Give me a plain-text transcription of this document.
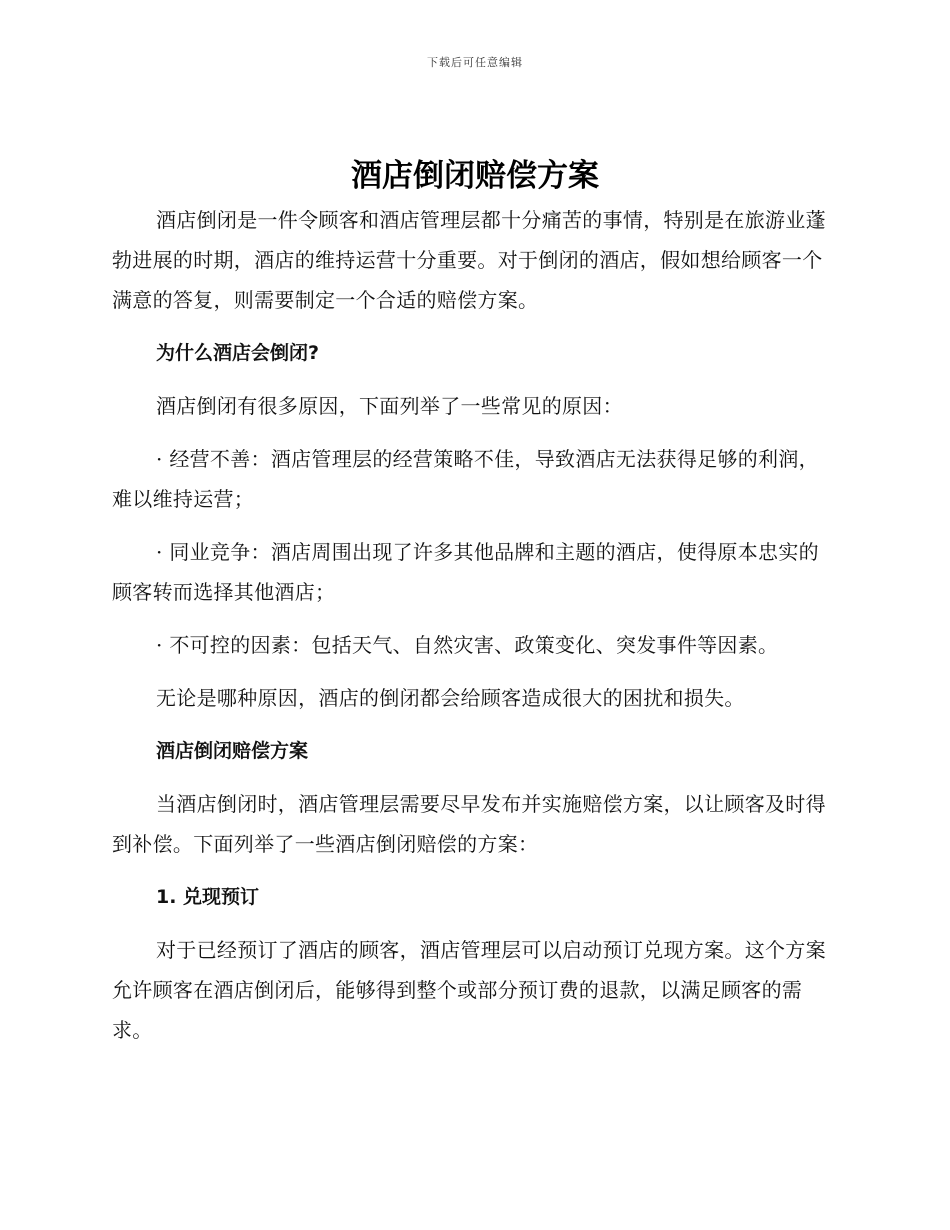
下载后可任意编辑
酒店倒闭赔偿方案

酒店倒闭是一件令顾客和酒店管理层都十分痛苦的事情，特别是在旅游业蓬勃进展的时期，酒店的维持运营十分重要。对于倒闭的酒店，假如想给顾客一个满意的答复，则需要制定一个合适的赔偿方案。

为什么酒店会倒闭?

酒店倒闭有很多原因，下面列举了一些常见的原因：

· 经营不善：酒店管理层的经营策略不佳，导致酒店无法获得足够的利润，难以维持运营；

· 同业竞争：酒店周围出现了许多其他品牌和主题的酒店，使得原本忠实的顾客转而选择其他酒店；

· 不可控的因素：包括天气、自然灾害、政策变化、突发事件等因素。

无论是哪种原因，酒店的倒闭都会给顾客造成很大的困扰和损失。

酒店倒闭赔偿方案

当酒店倒闭时，酒店管理层需要尽早发布并实施赔偿方案，以让顾客及时得到补偿。下面列举了一些酒店倒闭赔偿的方案：

1. 兑现预订

对于已经预订了酒店的顾客，酒店管理层可以启动预订兑现方案。这个方案允许顾客在酒店倒闭后，能够得到整个或部分预订费的退款，以满足顾客的需求。
